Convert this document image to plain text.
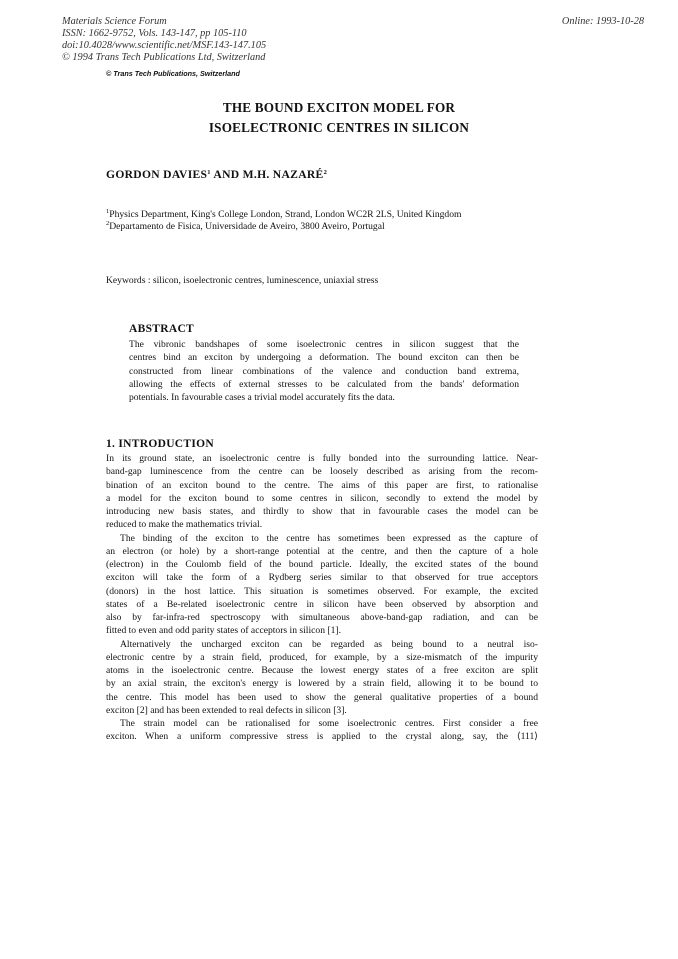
Materials Science Forum
ISSN: 1662-9752, Vols. 143-147, pp 105-110
doi:10.4028/www.scientific.net/MSF.143-147.105
© 1994 Trans Tech Publications Ltd, Switzerland
Online: 1993-10-28
© Trans Tech Publications, Switzerland
THE BOUND EXCITON MODEL FOR
ISOELECTRONIC CENTRES IN SILICON
GORDON DAVIES$^1$ AND M.H. NAZARÉ$^2$
$^1$Physics Department, King's College London, Strand, London WC2R 2LS, United Kingdom
$^2$Departamento de Fisica, Universidade de Aveiro, 3800 Aveiro, Portugal
Keywords : silicon, isoelectronic centres, luminescence, uniaxial stress
ABSTRACT
The vibronic bandshapes of some isoelectronic centres in silicon suggest that the
centres bind an exciton by undergoing a deformation. The bound exciton can then be
constructed from linear combinations of the valence and conduction band extrema,
allowing the effects of external stresses to be calculated from the bands' deformation
potentials. In favourable cases a trivial model accurately fits the data.
1. INTRODUCTION
In its ground state, an isoelectronic centre is fully bonded into the surrounding lattice. Near-
band-gap luminescence from the centre can be loosely described as arising from the recom-
bination of an exciton bound to the centre. The aims of this paper are first, to rationalise
a model for the exciton bound to some centres in silicon, secondly to extend the model by
introducing new basis states, and thirdly to show that in favourable cases the model can be
reduced to make the mathematics trivial.
The binding of the exciton to the centre has sometimes been expressed as the capture of
an electron (or hole) by a short-range potential at the centre, and then the capture of a hole
(electron) in the Coulomb field of the bound particle. Ideally, the excited states of the bound
exciton will take the form of a Rydberg series similar to that observed for true acceptors
(donors) in the host lattice. This situation is sometimes observed. For example, the excited
states of a Be-related isoelectronic centre in silicon have been observed by absorption and
also by far-infra-red spectroscopy with simultaneous above-band-gap radiation, and can be
fitted to even and odd parity states of acceptors in silicon [1].
Alternatively the uncharged exciton can be regarded as being bound to a neutral iso-
electronic centre by a strain field, produced, for example, by a size-mismatch of the impurity
atoms in the isoelectronic centre. Because the lowest energy states of a free exciton are split
by an axial strain, the exciton's energy is lowered by a strain field, allowing it to be bound to
the centre. This model has been used to show the general qualitative properties of a bound
exciton [2] and has been extended to real defects in silicon [3].
The strain model can be rationalised for some isoelectronic centres. First consider a free
exciton. When a uniform compressive stress is applied to the crystal along, say, the ⟨111⟩
